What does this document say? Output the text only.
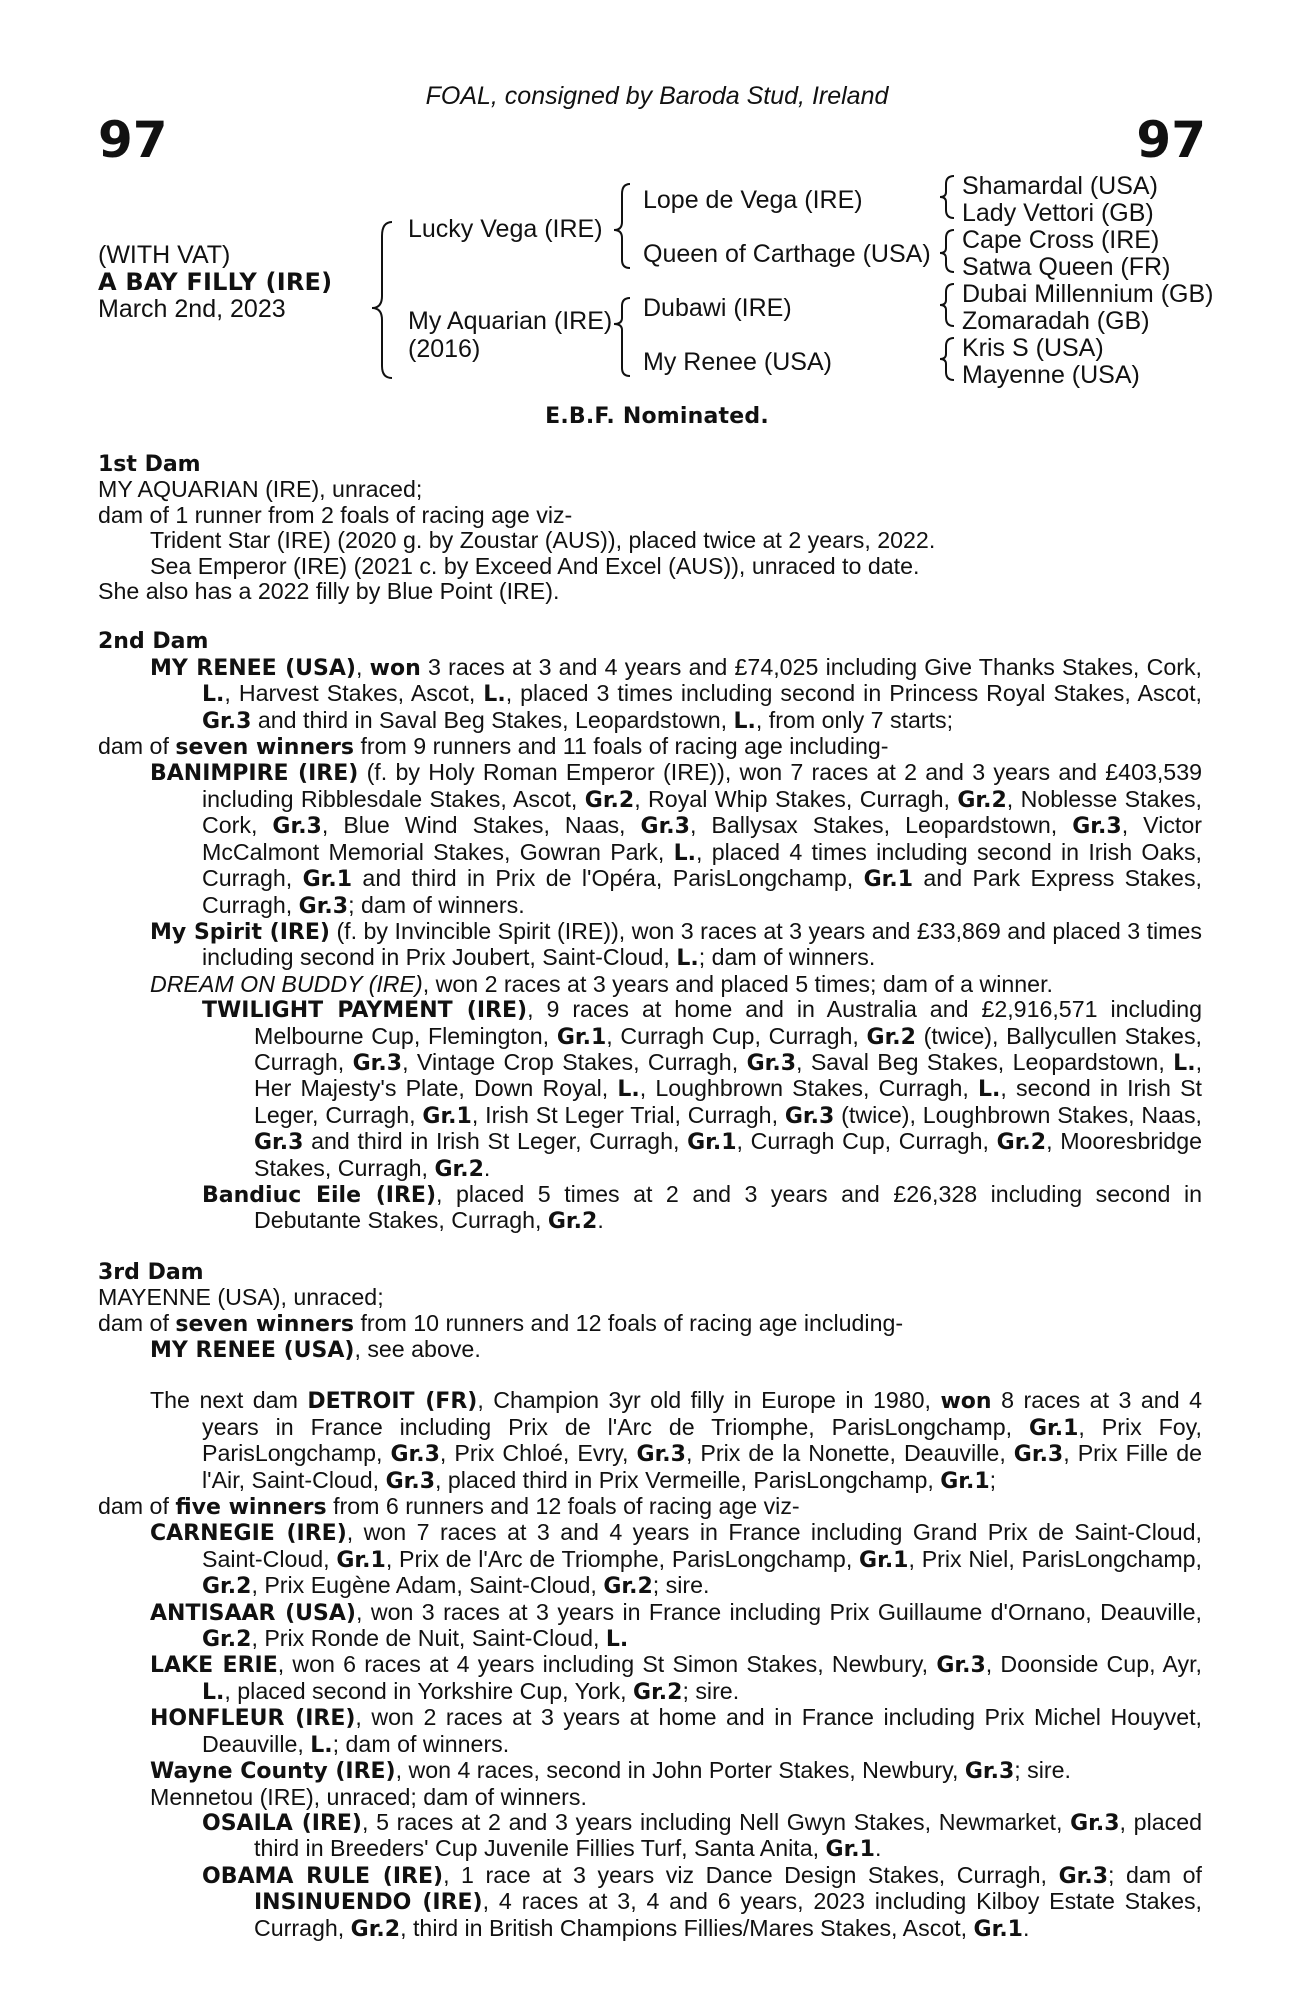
FOAL, consigned by Baroda Stud, Ireland
97	97
(WITH VAT)
A BAY FILLY (IRE)
March 2nd, 2023
Lucky Vega (IRE)
My Aquarian (IRE)
(2016)
Lope de Vega (IRE)
Queen of Carthage (USA)
Dubawi (IRE)
My Renee (USA)
Shamardal (USA)
Lady Vettori (GB)
Cape Cross (IRE)
Satwa Queen (FR)
Dubai Millennium (GB)
Zomaradah (GB)
Kris S (USA)
Mayenne (USA)
E.B.F. Nominated.
1st Dam
MY AQUARIAN (IRE), unraced;
dam of 1 runner from 2 foals of racing age viz-
Trident Star (IRE) (2020 g. by Zoustar (AUS)), placed twice at 2 years, 2022.
Sea Emperor (IRE) (2021 c. by Exceed And Excel (AUS)), unraced to date.
She also has a 2022 filly by Blue Point (IRE).
2nd Dam
MY RENEE (USA), won 3 races at 3 and 4 years and £74,025 including Give Thanks Stakes, Cork, L., Harvest Stakes, Ascot, L., placed 3 times including second in Princess Royal Stakes, Ascot, Gr.3 and third in Saval Beg Stakes, Leopardstown, L., from only 7 starts;
dam of seven winners from 9 runners and 11 foals of racing age including-
BANIMPIRE (IRE) (f. by Holy Roman Emperor (IRE)), won 7 races at 2 and 3 years and £403,539 including Ribblesdale Stakes, Ascot, Gr.2, Royal Whip Stakes, Curragh, Gr.2, Noblesse Stakes, Cork, Gr.3, Blue Wind Stakes, Naas, Gr.3, Ballysax Stakes, Leopardstown, Gr.3, Victor McCalmont Memorial Stakes, Gowran Park, L., placed 4 times including second in Irish Oaks, Curragh, Gr.1 and third in Prix de l'Opéra, ParisLongchamp, Gr.1 and Park Express Stakes, Curragh, Gr.3; dam of winners.
My Spirit (IRE) (f. by Invincible Spirit (IRE)), won 3 races at 3 years and £33,869 and placed 3 times including second in Prix Joubert, Saint-Cloud, L.; dam of winners.
DREAM ON BUDDY (IRE), won 2 races at 3 years and placed 5 times; dam of a winner.
TWILIGHT PAYMENT (IRE), 9 races at home and in Australia and £2,916,571 including Melbourne Cup, Flemington, Gr.1, Curragh Cup, Curragh, Gr.2 (twice), Ballycullen Stakes, Curragh, Gr.3, Vintage Crop Stakes, Curragh, Gr.3, Saval Beg Stakes, Leopardstown, L., Her Majesty's Plate, Down Royal, L., Loughbrown Stakes, Curragh, L., second in Irish St Leger, Curragh, Gr.1, Irish St Leger Trial, Curragh, Gr.3 (twice), Loughbrown Stakes, Naas, Gr.3 and third in Irish St Leger, Curragh, Gr.1, Curragh Cup, Curragh, Gr.2, Mooresbridge Stakes, Curragh, Gr.2.
Bandiuc Eile (IRE), placed 5 times at 2 and 3 years and £26,328 including second in Debutante Stakes, Curragh, Gr.2.
3rd Dam
MAYENNE (USA), unraced;
dam of seven winners from 10 runners and 12 foals of racing age including-
MY RENEE (USA), see above.
The next dam DETROIT (FR), Champion 3yr old filly in Europe in 1980, won 8 races at 3 and 4 years in France including Prix de l'Arc de Triomphe, ParisLongchamp, Gr.1, Prix Foy, ParisLongchamp, Gr.3, Prix Chloé, Evry, Gr.3, Prix de la Nonette, Deauville, Gr.3, Prix Fille de l'Air, Saint-Cloud, Gr.3, placed third in Prix Vermeille, ParisLongchamp, Gr.1;
dam of five winners from 6 runners and 12 foals of racing age viz-
CARNEGIE (IRE), won 7 races at 3 and 4 years in France including Grand Prix de Saint-Cloud, Saint-Cloud, Gr.1, Prix de l'Arc de Triomphe, ParisLongchamp, Gr.1, Prix Niel, ParisLongchamp, Gr.2, Prix Eugène Adam, Saint-Cloud, Gr.2; sire.
ANTISAAR (USA), won 3 races at 3 years in France including Prix Guillaume d'Ornano, Deauville, Gr.2, Prix Ronde de Nuit, Saint-Cloud, L.
LAKE ERIE, won 6 races at 4 years including St Simon Stakes, Newbury, Gr.3, Doonside Cup, Ayr, L., placed second in Yorkshire Cup, York, Gr.2; sire.
HONFLEUR (IRE), won 2 races at 3 years at home and in France including Prix Michel Houyvet, Deauville, L.; dam of winners.
Wayne County (IRE), won 4 races, second in John Porter Stakes, Newbury, Gr.3; sire.
Mennetou (IRE), unraced; dam of winners.
OSAILA (IRE), 5 races at 2 and 3 years including Nell Gwyn Stakes, Newmarket, Gr.3, placed third in Breeders' Cup Juvenile Fillies Turf, Santa Anita, Gr.1.
OBAMA RULE (IRE), 1 race at 3 years viz Dance Design Stakes, Curragh, Gr.3; dam of INSINUENDO (IRE), 4 races at 3, 4 and 6 years, 2023 including Kilboy Estate Stakes, Curragh, Gr.2, third in British Champions Fillies/Mares Stakes, Ascot, Gr.1.
